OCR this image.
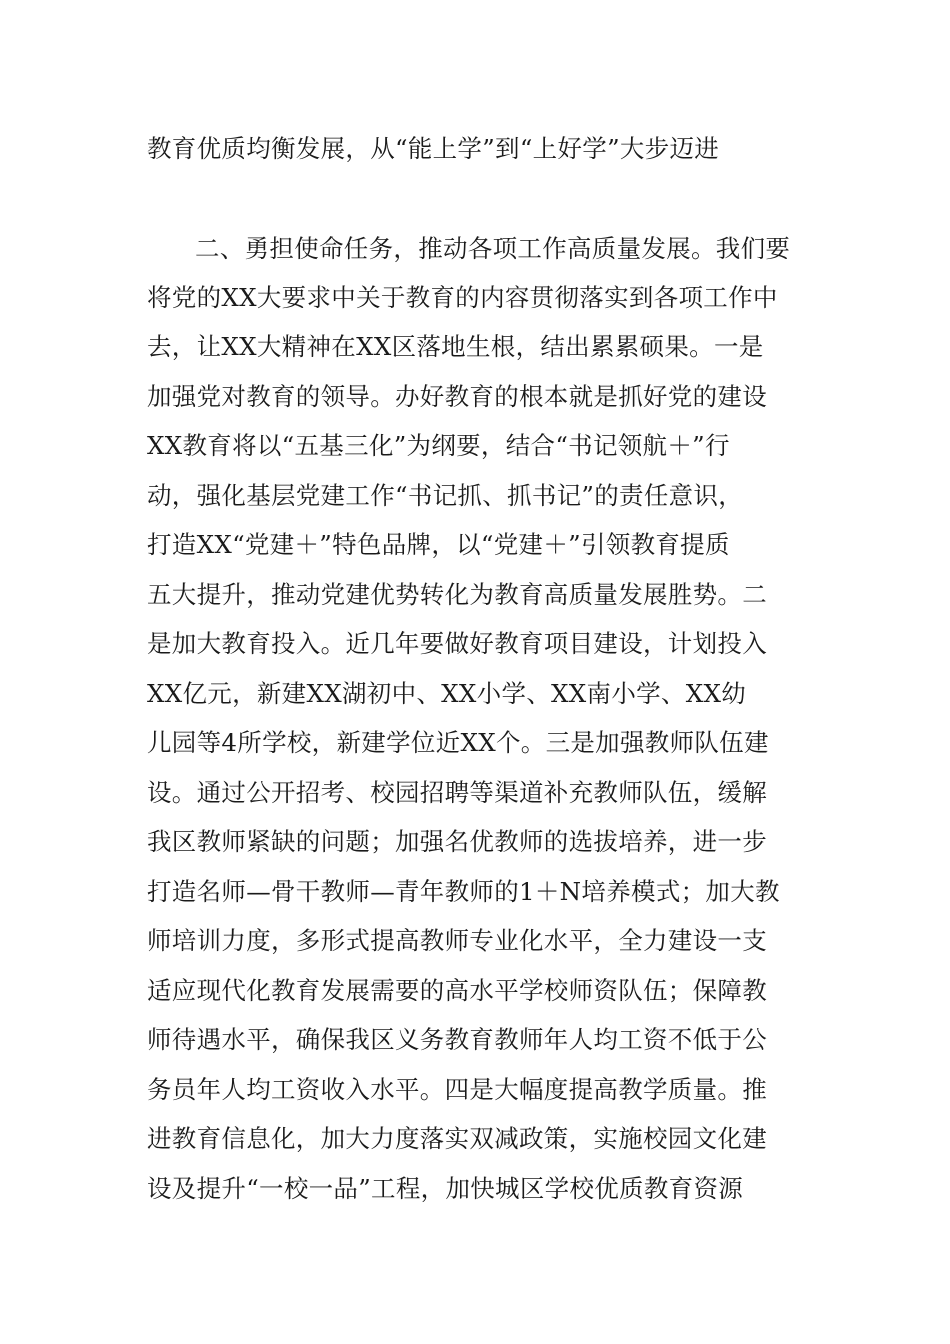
教育优质均衡发展，从“能上学”到“上好学”大步迈进
二、勇担使命任务，推动各项工作高质量发展。我们要
将党的XX大要求中关于教育的内容贯彻落实到各项工作中
去，让XX大精神在XX区落地生根，结出累累硕果。一是
加强党对教育的领导。办好教育的根本就是抓好党的建设
XX教育将以“五基三化”为纲要，结合“书记领航＋”行
动，强化基层党建工作“书记抓、抓书记”的责任意识，
打造XX“党建＋”特色品牌，以“党建＋”引领教育提质
五大提升，推动党建优势转化为教育高质量发展胜势。二
是加大教育投入。近几年要做好教育项目建设，计划投入
XX亿元，新建XX湖初中、XX小学、XX南小学、XX幼
儿园等4所学校，新建学位近XX个。三是加强教师队伍建
设。通过公开招考、校园招聘等渠道补充教师队伍，缓解
我区教师紧缺的问题；加强名优教师的选拔培养，进一步
打造名师—骨干教师—青年教师的1＋N培养模式；加大教
师培训力度，多形式提高教师专业化水平，全力建设一支
适应现代化教育发展需要的高水平学校师资队伍；保障教
师待遇水平，确保我区义务教育教师年人均工资不低于公
务员年人均工资收入水平。四是大幅度提高教学质量。推
进教育信息化，加大力度落实双减政策，实施校园文化建
设及提升“一校一品”工程，加快城区学校优质教育资源
